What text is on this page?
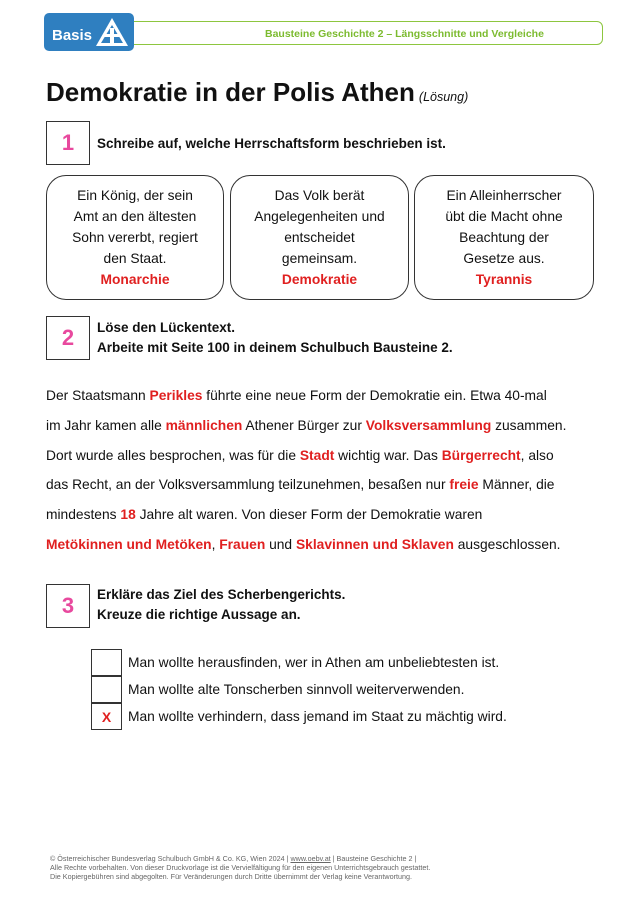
Basis	Bausteine Geschichte 2 – Längsschnitte und Vergleiche
Demokratie in der Polis Athen (Lösung)
1	Schreibe auf, welche Herrschaftsform beschrieben ist.
Ein König, der sein
Amt an den ältesten
Sohn vererbt, regiert
den Staat.
Monarchie
Das Volk berät
Angelegenheiten und
entscheidet
gemeinsam.
Demokratie
Ein Alleinherrscher
übt die Macht ohne
Beachtung der
Gesetze aus.
Tyrannis
2	Löse den Lückentext.
Arbeite mit Seite 100 in deinem Schulbuch Bausteine 2.

Der Staatsmann Perikles führte eine neue Form der Demokratie ein. Etwa 40-mal

im Jahr kamen alle männlichen Athener Bürger zur Volksversammlung zusammen.

Dort wurde alles besprochen, was für die Stadt wichtig war. Das Bürgerrecht, also

das Recht, an der Volksversammlung teilzunehmen, besaßen nur freie Männer, die

mindestens 18 Jahre alt waren. Von dieser Form der Demokratie waren

Metökinnen und Metöken, Frauen und Sklavinnen und Sklaven ausgeschlossen.

3	Erkläre das Ziel des Scherbengerichts.
Kreuze die richtige Aussage an.
Man wollte herausfinden, wer in Athen am unbeliebtesten ist.
Man wollte alte Tonscherben sinnvoll weiterverwenden.
X	Man wollte verhindern, dass jemand im Staat zu mächtig wird.
© Österreichischer Bundesverlag Schulbuch GmbH & Co. KG, Wien 2024 | www.oebv.at | Bausteine Geschichte 2 |
Alle Rechte vorbehalten. Von dieser Druckvorlage ist die Vervielfältigung für den eigenen Unterrichtsgebrauch gestattet.
Die Kopiergebühren sind abgegolten. Für Veränderungen durch Dritte übernimmt der Verlag keine Verantwortung.
